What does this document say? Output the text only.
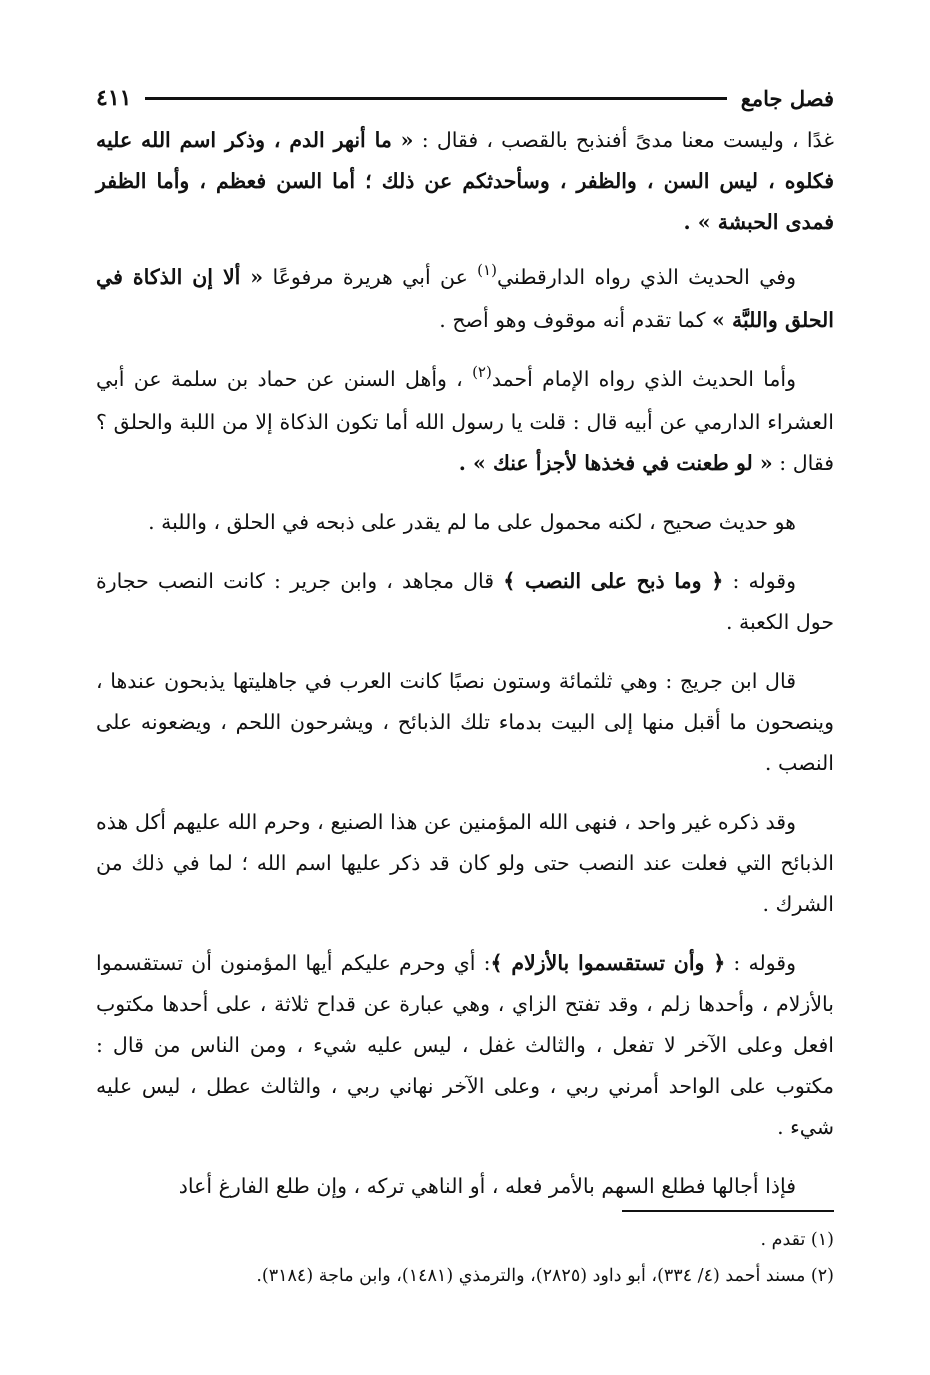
فصل جامع
٤١١

غدًا ، وليست معنا مدىً أفنذبح بالقصب ، فقال : « ما أنهر الدم ، وذكر اسم الله عليه فكلوه ، ليس السن ، والظفر ، وسأحدثكم عن ذلك ؛ أما السن فعظم ، وأما الظفر فمدى الحبشة » .

وفي الحديث الذي رواه الدارقطني$^{(١)}$ عن أبي هريرة مرفوعًا « ألا إن الذكاة في الحلق واللبَّة » كما تقدم أنه موقوف وهو أصح .

وأما الحديث الذي رواه الإمام أحمد$^{(٢)}$ ، وأهل السنن عن حماد بن سلمة عن أبي العشراء الدارمي عن أبيه قال : قلت يا رسول الله أما تكون الذكاة إلا من اللبة والحلق ؟ فقال : « لو طعنت في فخذها لأجزأ عنك » .

هو حديث صحيح ، لكنه محمول على ما لم يقدر على ذبحه في الحلق ، واللبة .

وقوله : ﴿ وما ذبح على النصب ﴾ قال مجاهد ، وابن جرير : كانت النصب حجارة حول الكعبة .

قال ابن جريج : وهي ثلثمائة وستون نصبًا كانت العرب في جاهليتها يذبحون عندها ، وينصحون ما أقبل منها إلى البيت بدماء تلك الذبائح ، ويشرحون اللحم ، ويضعونه على النصب .

وقد ذكره غير واحد ، فنهى الله المؤمنين عن هذا الصنيع ، وحرم الله عليهم أكل هذه الذبائح التي فعلت عند النصب حتى ولو كان قد ذكر عليها اسم الله ؛ لما في ذلك من الشرك .

وقوله : ﴿ وأن تستقسموا بالأزلام ﴾: أي وحرم عليكم أيها المؤمنون أن تستقسموا بالأزلام ، وأحدها زلم ، وقد تفتح الزاي ، وهي عبارة عن قداح ثلاثة ، على أحدها مكتوب افعل وعلى الآخر لا تفعل ، والثالث غفل ، ليس عليه شيء ، ومن الناس من قال : مكتوب على الواحد أمرني ربي ، وعلى الآخر نهاني ربي ، والثالث عطل ، ليس عليه شيء .

فإذا أجالها فطلع السهم بالأمر فعله ، أو الناهي تركه ، وإن طلع الفارغ أعاد

(١) تقدم .
(٢) مسند أحمد (٤/ ٣٣٤)، أبو داود (٢٨٢٥)، والترمذي (١٤٨١)، وابن ماجة (٣١٨٤).
